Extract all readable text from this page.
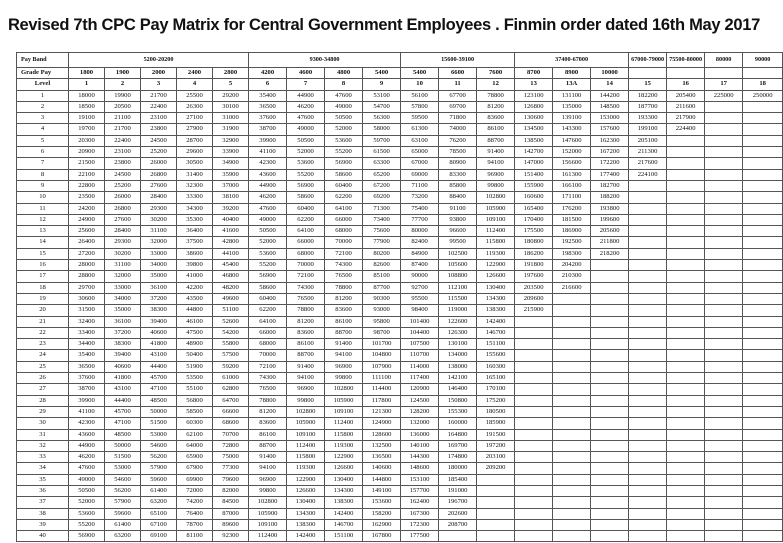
Revised 7th CPC Pay Matrix for Central Government Employees . Finmin order dated 16th May 2017
Pay Band	5200-20200					9300-34800				15600-39100			37400-67000			67000-79000	75500-80000	80000	90000
Grade Pay	1800	1900	2000	2400	2800	4200	4600	4800	5400	5400	6600	7600	8700	8900	10000				
Level	1	2	3	4	5	6	7	8	9	10	11	12	13	13A	14	15	16	17	18
1	18000	19900	21700	25500	29200	35400	44900	47600	53100	56100	67700	78800	123100	131100	144200	182200	205400	225000	250000
2	18500	20500	22400	26300	30100	36500	46200	49000	54700	57800	69700	81200	126800	135000	148500	187700	211600		
3	19100	21100	23100	27100	31000	37600	47600	50500	56300	59500	71800	83600	130600	139100	153000	193300	217900		
4	19700	21700	23800	27900	31900	38700	49000	52000	58000	61300	74000	86100	134500	143300	157600	199100	224400		
5	20300	22400	24500	28700	32900	39900	50500	53600	59700	63100	76200	88700	138500	147600	162300	205100			
6	20900	23100	25200	29600	33900	41100	52000	55200	61500	65000	78500	91400	142700	152000	167200	211300			
7	21500	23800	26000	30500	34900	42300	53600	56900	63300	67000	80900	94100	147000	156600	172200	217600			
8	22100	24500	26800	31400	35900	43600	55200	58600	65200	69000	83300	96900	151400	161300	177400	224100			
9	22800	25200	27600	32300	37000	44900	56900	60400	67200	71100	85800	99800	155900	166100	182700				
10	23500	26000	28400	33300	38100	46200	58600	62200	69200	73200	88400	102800	160600	171100	188200				
11	24200	26800	29300	34300	39200	47600	60400	64100	71300	75400	91100	105900	165400	176200	193800				
12	24900	27600	30200	35300	40400	49000	62200	66000	73400	77700	93800	109100	170400	181500	199600				
13	25600	28400	31100	36400	41600	50500	64100	68000	75600	80000	96600	112400	175500	186900	205600				
14	26400	29300	32000	37500	42800	52000	66000	70000	77900	82400	99500	115800	180800	192500	211800				
15	27200	30200	33000	38600	44100	53600	68000	72100	80200	84900	102500	119300	186200	198300	218200				
16	28000	31100	34000	39800	45400	55200	70000	74300	82600	87400	105600	122900	191800	204200					
17	28800	32000	35000	41000	46800	56900	72100	76500	85100	90000	108800	126600	197600	210300					
18	29700	33000	36100	42200	48200	58600	74300	78800	87700	92700	112100	130400	203500	216600					
19	30600	34000	37200	43500	49600	60400	76500	81200	90300	95500	115500	134300	209600						
20	31500	35000	38300	44800	51100	62200	78800	83600	93000	98400	119000	138300	215900						
21	32400	36100	39400	46100	52600	64100	81200	86100	95800	101400	122600	142400							
22	33400	37200	40600	47500	54200	66000	83600	88700	98700	104400	126300	146700							
23	34400	38300	41800	48900	55800	68000	86100	91400	101700	107500	130100	151100							
24	35400	39400	43100	50400	57500	70000	88700	94100	104800	110700	134000	155600							
25	36500	40600	44400	51900	59200	72100	91400	96900	107900	114000	138000	160300							
26	37600	41800	45700	53500	61000	74300	94100	99800	111100	117400	142100	165100							
27	38700	43100	47100	55100	62800	76500	96900	102800	114400	120900	146400	170100							
28	39900	44400	48500	56800	64700	78800	99800	105900	117800	124500	150800	175200							
29	41100	45700	50000	58500	66600	81200	102800	109100	121300	128200	155300	180500							
30	42300	47100	51500	60300	68600	83600	105900	112400	124900	132000	160000	185900							
31	43600	48500	53000	62100	70700	86100	109100	115800	128600	136000	164800	191500							
32	44900	50000	54600	64000	72800	88700	112400	119300	132500	140100	169700	197200							
33	46200	51500	56200	65900	75000	91400	115800	122900	136500	144300	174800	203100							
34	47600	53000	57900	67900	77300	94100	119300	126600	140600	148600	180000	209200							
35	49000	54600	59600	69900	79600	96900	122900	130400	144800	153100	185400								
36	50500	56200	61400	72000	82000	99800	126600	134300	149100	157700	191000								
37	52000	57900	63200	74200	84500	102800	130400	138300	153600	162400	196700								
38	53600	59600	65100	76400	87000	105900	134300	142400	158200	167300	202600								
39	55200	61400	67100	78700	89600	109100	138300	146700	162900	172300	208700								
40	56900	63200	69100	81100	92300	112400	142400	151100	167800	177500									
